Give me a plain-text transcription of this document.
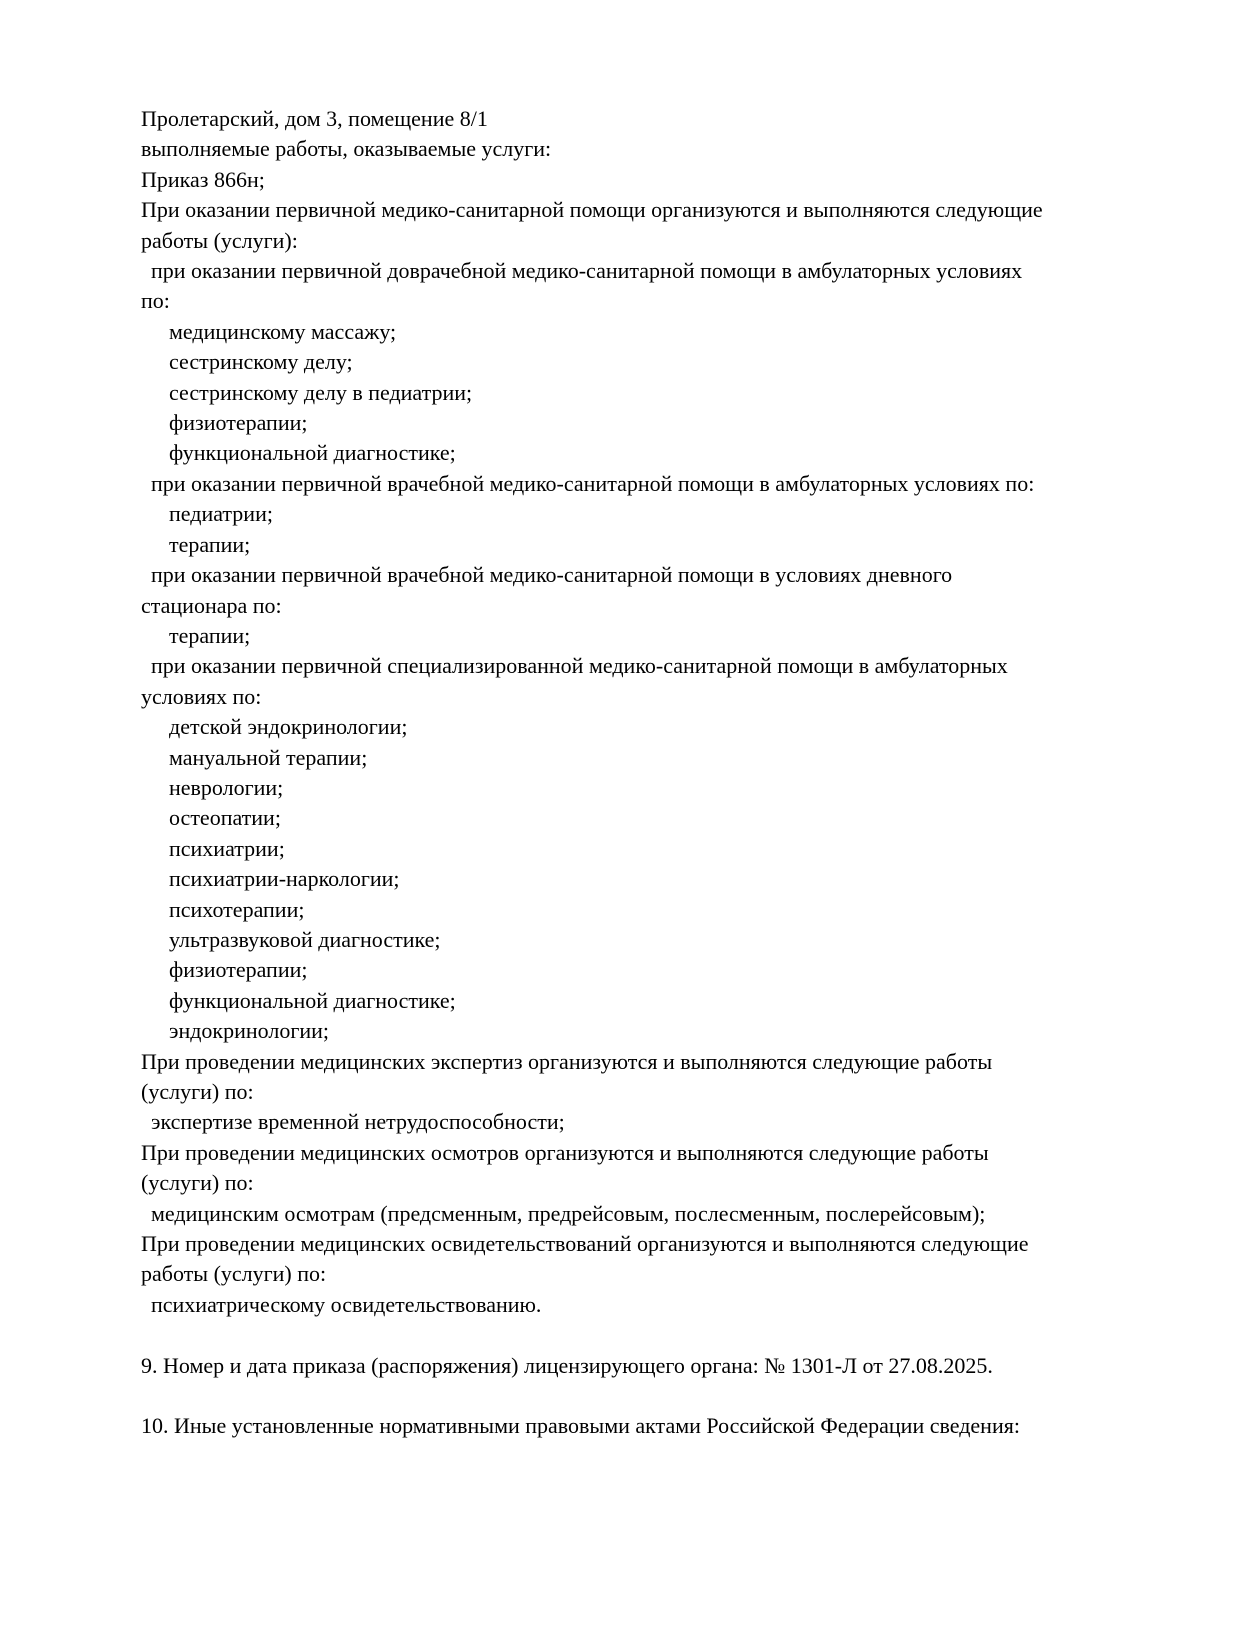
Пролетарский, дом 3, помещение 8/1
выполняемые работы, оказываемые услуги:
Приказ 866н;
При оказании первичной медико-санитарной помощи организуются и выполняются следующие
работы (услуги):
при оказании первичной доврачебной медико-санитарной помощи в амбулаторных условиях
по:
медицинскому массажу;
сестринскому делу;
сестринскому делу в педиатрии;
физиотерапии;
функциональной диагностике;
при оказании первичной врачебной медико-санитарной помощи в амбулаторных условиях по:
педиатрии;
терапии;
при оказании первичной врачебной медико-санитарной помощи в условиях дневного
стационара по:
терапии;
при оказании первичной специализированной медико-санитарной помощи в амбулаторных
условиях по:
детской эндокринологии;
мануальной терапии;
неврологии;
остеопатии;
психиатрии;
психиатрии-наркологии;
психотерапии;
ультразвуковой диагностике;
физиотерапии;
функциональной диагностике;
эндокринологии;
При проведении медицинских экспертиз организуются и выполняются следующие работы
(услуги) по:
экспертизе временной нетрудоспособности;
При проведении медицинских осмотров организуются и выполняются следующие работы
(услуги) по:
медицинским осмотрам (предсменным, предрейсовым, послесменным, послерейсовым);
При проведении медицинских освидетельствований организуются и выполняются следующие
работы (услуги) по:
психиатрическому освидетельствованию.

9. Номер и дата приказа (распоряжения) лицензирующего органа: № 1301-Л от 27.08.2025.

10. Иные установленные нормативными правовыми актами Российской Федерации сведения:
